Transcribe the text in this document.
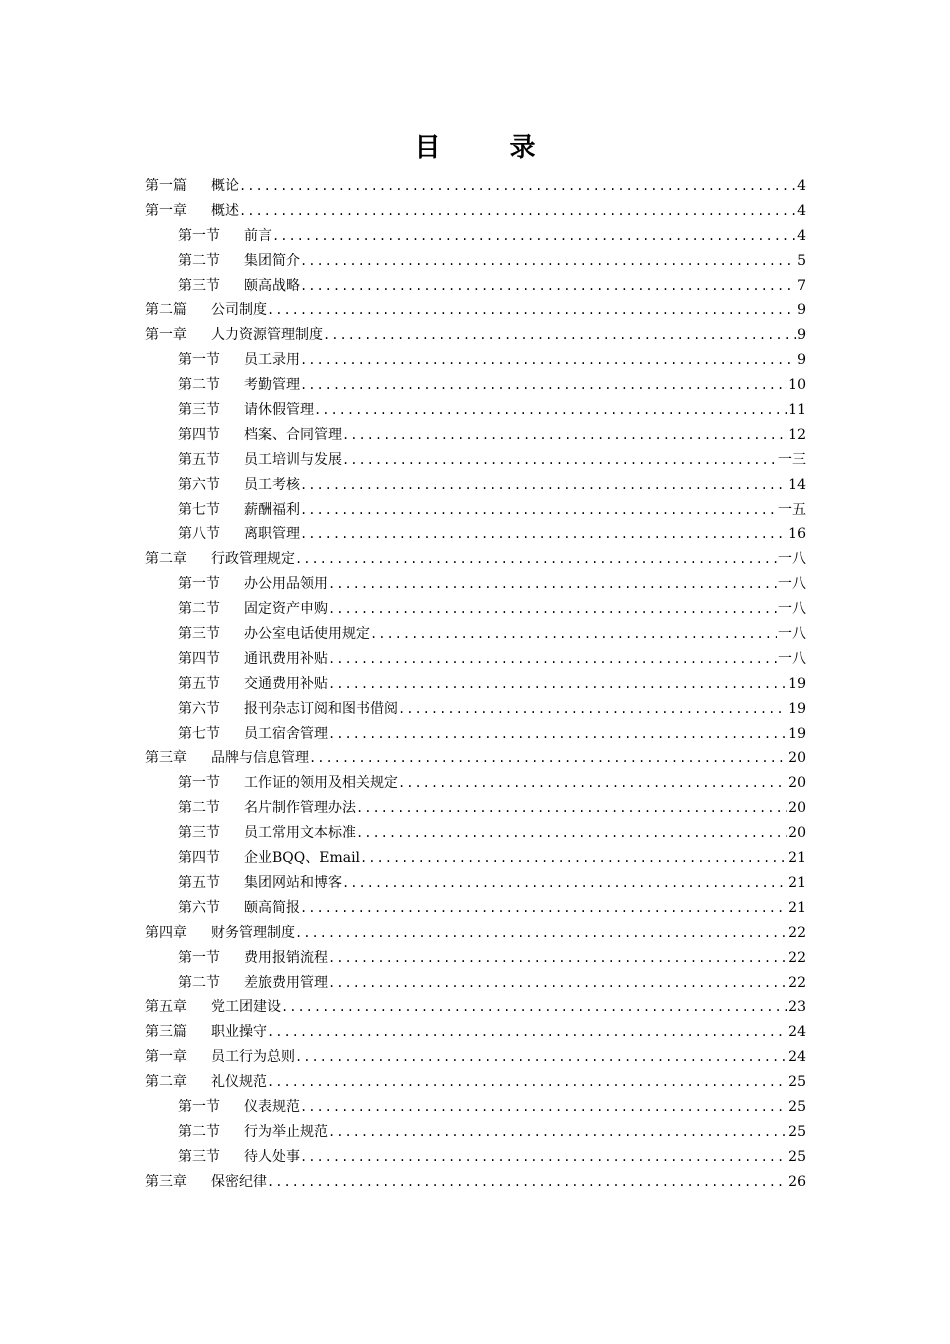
目 录
第一篇	概论 .....	4
第一章	概述 .....	4
第一节	前言 .....	4
第二节	集团简介 .....	5
第三节	颐高战略 .....	7
第二篇	公司制度 .....	9
第一章	人力资源管理制度 .....	9
第一节	员工录用 .....	9
第二节	考勤管理 .....	10
第三节	请休假管理 .....	11
第四节	档案、合同管理 .....	12
第五节	员工培训与发展 .....	一三
第六节	员工考核 .....	14
第七节	薪酬福利 .....	一五
第八节	离职管理 .....	16
第二章	行政管理规定 .....	一八
第一节	办公用品领用 .....	一八
第二节	固定资产申购 .....	一八
第三节	办公室电话使用规定 .....	一八
第四节	通讯费用补贴 .....	一八
第五节	交通费用补贴 .....	19
第六节	报刊杂志订阅和图书借阅 .....	19
第七节	员工宿舍管理 .....	19
第三章	品牌与信息管理 .....	20
第一节	工作证的领用及相关规定 .....	20
第二节	名片制作管理办法 .....	20
第三节	员工常用文本标准 .....	20
第四节	企业BQQ、Email .....	21
第五节	集团网站和博客 .....	21
第六节	颐高简报 .....	21
第四章	财务管理制度 .....	22
第一节	费用报销流程 .....	22
第二节	差旅费用管理 .....	22
第五章	党工团建设 .....	23
第三篇	职业操守 .....	24
第一章	员工行为总则 .....	24
第二章	礼仪规范 .....	25
第一节	仪表规范 .....	25
第二节	行为举止规范 .....	25
第三节	待人处事 .....	25
第三章	保密纪律 .....	26
